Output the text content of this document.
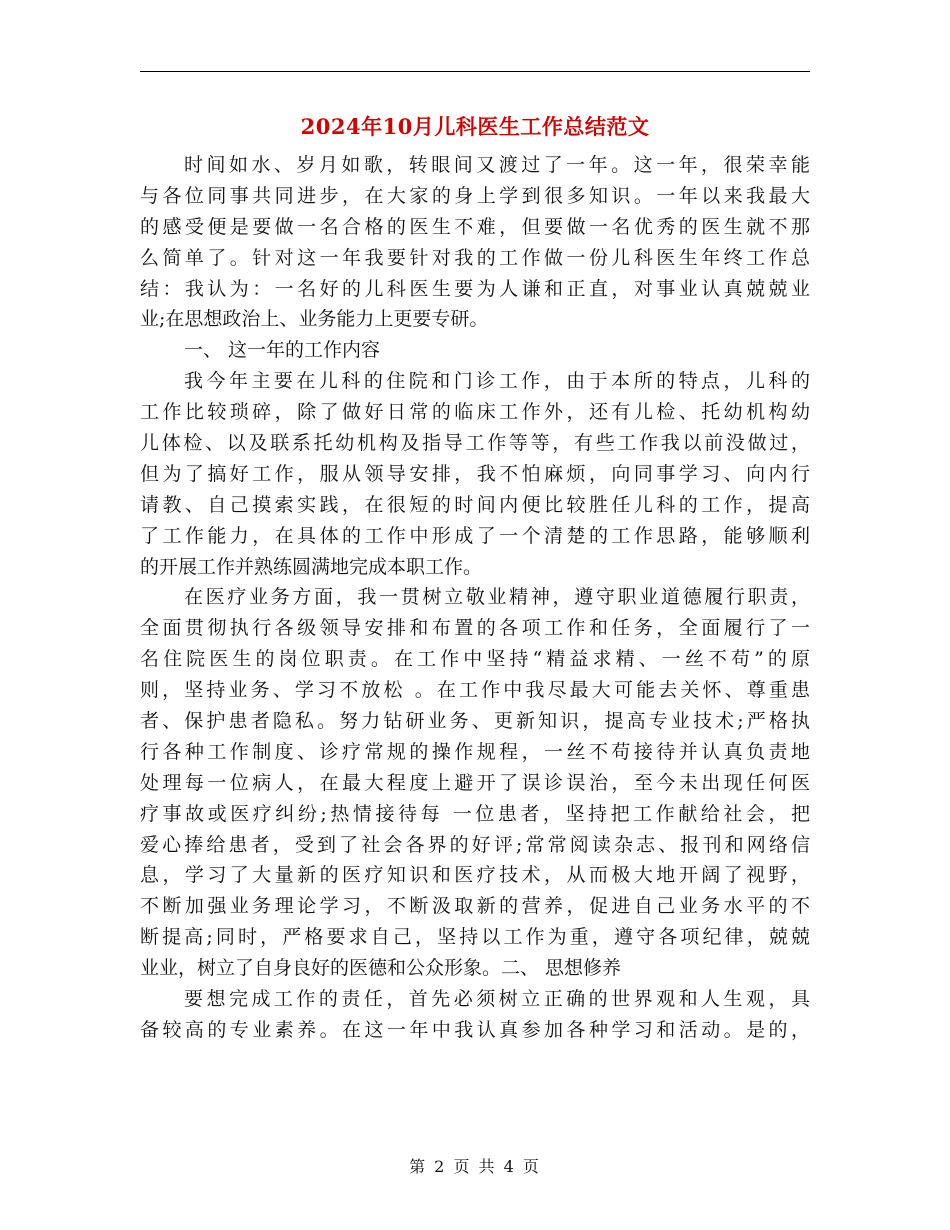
2024年10月儿科医生工作总结范文
时间如水、岁月如歌，转眼间又渡过了一年。这一年，很荣幸能
与各位同事共同进步，在大家的身上学到很多知识。一年以来我最大
的感受便是要做一名合格的医生不难，但要做一名优秀的医生就不那
么简单了。针对这一年我要针对我的工作做一份儿科医生年终工作总
结：我认为：一名好的儿科医生要为人谦和正直，对事业认真兢兢业
业;在思想政治上、业务能力上更要专研。
一、 这一年的工作内容
我今年主要在儿科的住院和门诊工作，由于本所的特点，儿科的
工作比较琐碎，除了做好日常的临床工作外，还有儿检、托幼机构幼
儿体检、以及联系托幼机构及指导工作等等，有些工作我以前没做过，
但为了搞好工作，服从领导安排，我不怕麻烦，向同事学习、向内行
请教、自己摸索实践，在很短的时间内便比较胜任儿科的工作，提高
了工作能力，在具体的工作中形成了一个清楚的工作思路，能够顺利
的开展工作并熟练圆满地完成本职工作。
在医疗业务方面，我一贯树立敬业精神，遵守职业道德履行职责，
全面贯彻执行各级领导安排和布置的各项工作和任务，全面履行了一
名住院医生的岗位职责。在工作中坚持“精益求精、一丝不苟”的原
则，坚持业务、学习不放松 。在工作中我尽最大可能去关怀、尊重患
者、保护患者隐私。努力钻研业务、更新知识，提高专业技术;严格执
行各种工作制度、诊疗常规的操作规程，一丝不苟接待并认真负责地
处理每一位病人，在最大程度上避开了误诊误治，至今未出现任何医
疗事故或医疗纠纷;热情接待每 一位患者，坚持把工作献给社会，把
爱心捧给患者，受到了社会各界的好评;常常阅读杂志、报刊和网络信
息，学习了大量新的医疗知识和医疗技术，从而极大地开阔了视野，
不断加强业务理论学习，不断汲取新的营养，促进自己业务水平的不
断提高;同时，严格要求自己，坚持以工作为重，遵守各项纪律，兢兢
业业，树立了自身良好的医德和公众形象。二、 思想修养
要想完成工作的责任，首先必须树立正确的世界观和人生观，具
备较高的专业素养。在这一年中我认真参加各种学习和活动。是的，
第 2 页 共 4 页
